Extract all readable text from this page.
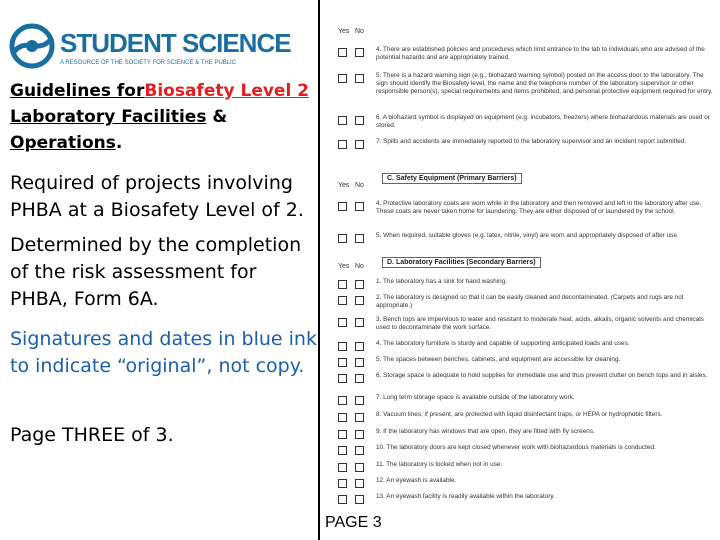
STUDENT SCIENCE
A RESOURCE OF THE SOCIETY FOR SCIENCE & THE PUBLIC
Guidelines forBiosafety Level 2 Laboratory Facilities & Operations.
Required of projects involving PHBA at a Biosafety Level of 2.
Determined by the completion of the risk assessment for PHBA, Form 6A.
Signatures and dates in blue ink to indicate “original”, not copy.
Page THREE of 3.
Yes No
4. There are established policies and procedures which limit entrance to the lab to individuals who are advised of the potential hazards and are appropriately trained.
5. There is a hazard warning sign (e.g., biohazard warning symbol) posted on the access door to the laboratory. The sign should identify the Biosafety level, the name and the telephone number of the laboratory supervisor or other responsible person(s), special requirements and items prohibited, and personal protective equipment required for entry.
6. A biohazard symbol is displayed on equipment (e.g. incubators, freezers) where biohazardous materials are used or stored.
7. Spills and accidents are immediately reported to the laboratory supervisor and an incident report submitted.
C. Safety Equipment (Primary Barriers)
Yes No
4. Protective laboratory coats are worn while in the laboratory and then removed and left in the laboratory after use. These coats are never taken home for laundering. They are either disposed of or laundered by the school.
5. When required, suitable gloves (e.g. latex, nitrile, vinyl) are worn and appropriately disposed of after use.
D. Laboratory Facilities (Secondary Barriers)
Yes No
1. The laboratory has a sink for hand washing.
2. The laboratory is designed so that it can be easily cleaned and decontaminated. (Carpets and rugs are not appropriate.)
3. Bench tops are impervious to water and resistant to moderate heat, acids, alkalis, organic solvents and chemicals used to decontaminate the work surface.
4. The laboratory furniture is sturdy and capable of supporting anticipated loads and uses.
5. The spaces between benches, cabinets, and equipment are accessible for cleaning.
6. Storage space is adequate to hold supplies for immediate use and thus prevent clutter on bench tops and in aisles.
7. Long term storage space is available outside of the laboratory work.
8. Vacuum lines, if present, are protected with liquid disinfectant traps, or HEPA or hydrophobic filters.
9. If the laboratory has windows that are open, they are fitted with fly screens.
10. The laboratory doors are kept closed whenever work with biohazardous materials is conducted.
11. The laboratory is locked when not in use.
12. An eyewash is available.
13. An eyewash facility is readily available within the laboratory.
PAGE 3
